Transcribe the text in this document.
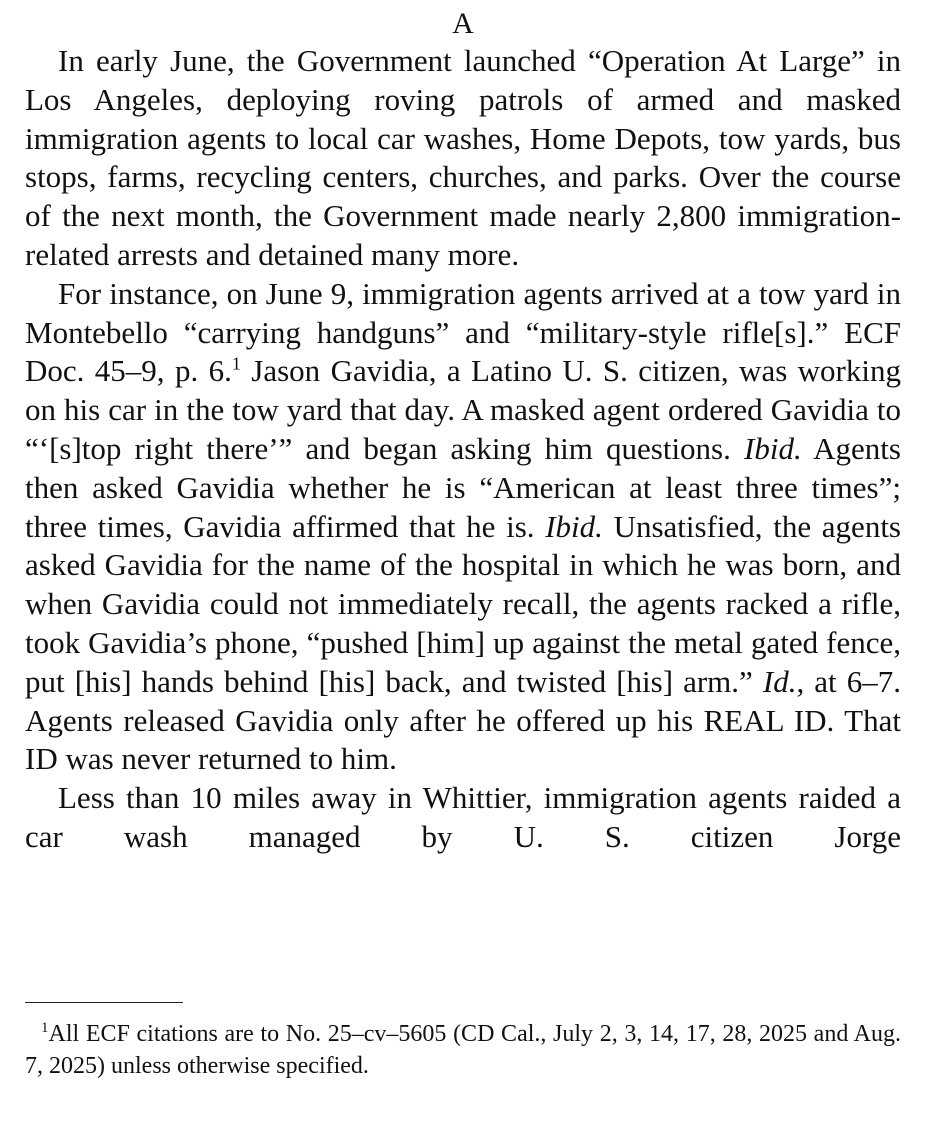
A

In early June, the Government launched “Operation At Large” in Los Angeles, deploying roving patrols of armed and masked immigration agents to local car washes, Home Depots, tow yards, bus stops, farms, recycling centers, churches, and parks. Over the course of the next month, the Government made nearly 2,800 immigration-related arrests and detained many more.

For instance, on June 9, immigration agents arrived at a tow yard in Montebello “carrying handguns” and “military-style rifle[s].” ECF Doc. 45–9, p. 6.$^1$ Jason Gavidia, a Latino U. S. citizen, was working on his car in the tow yard that day. A masked agent ordered Gavidia to “‘[s]top right there’” and began asking him questions. Ibid. Agents then asked Gavidia whether he is “American at least three times”; three times, Gavidia affirmed that he is. Ibid. Unsatisfied, the agents asked Gavidia for the name of the hospital in which he was born, and when Gavidia could not immediately recall, the agents racked a rifle, took Gavidia’s phone, “pushed [him] up against the metal gated fence, put [his] hands behind [his] back, and twisted [his] arm.” Id., at 6–7. Agents released Gavidia only after he offered up his REAL ID. That ID was never returned to him.

Less than 10 miles away in Whittier, immigration agents raided a car wash managed by U. S. citizen Jorge

$^1$All ECF citations are to No. 25–cv–5605 (CD Cal., July 2, 3, 14, 17, 28, 2025 and Aug. 7, 2025) unless otherwise specified.
